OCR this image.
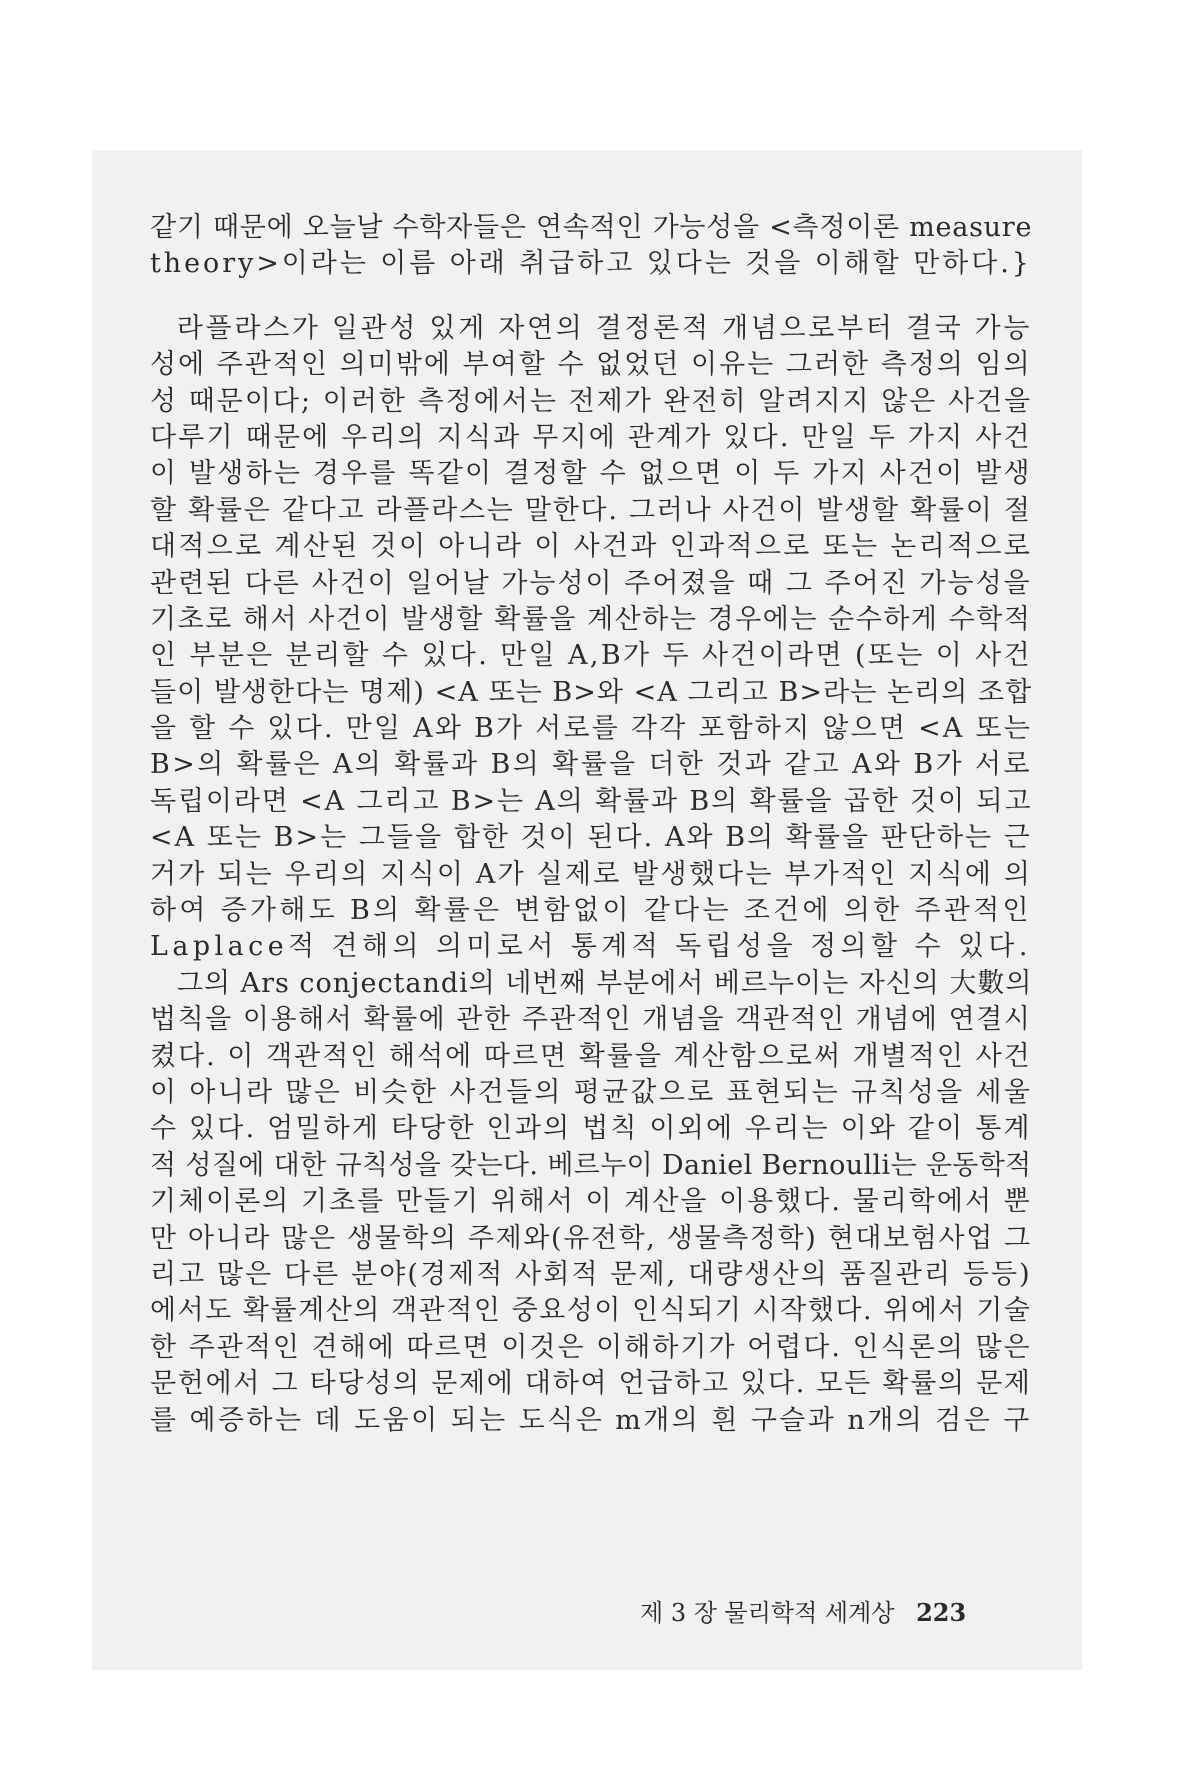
같기 때문에 오늘날 수학자들은 연속적인 가능성을 <측정이론 measure
theory>이라는 이름 아래 취급하고 있다는 것을 이해할 만하다.}
라플라스가 일관성 있게 자연의 결정론적 개념으로부터 결국 가능
성에 주관적인 의미밖에 부여할 수 없었던 이유는 그러한 측정의 임의
성 때문이다; 이러한 측정에서는 전제가 완전히 알려지지 않은 사건을
다루기 때문에 우리의 지식과 무지에 관계가 있다. 만일 두 가지 사건
이 발생하는 경우를 똑같이 결정할 수 없으면 이 두 가지 사건이 발생
할 확률은 같다고 라플라스는 말한다. 그러나 사건이 발생할 확률이 절
대적으로 계산된 것이 아니라 이 사건과 인과적으로 또는 논리적으로
관련된 다른 사건이 일어날 가능성이 주어졌을 때 그 주어진 가능성을
기초로 해서 사건이 발생할 확률을 계산하는 경우에는 순수하게 수학적
인 부분은 분리할 수 있다. 만일 A,B가 두 사건이라면 (또는 이 사건
들이 발생한다는 명제) <A 또는 B>와 <A 그리고 B>라는 논리의 조합
을 할 수 있다. 만일 A와 B가 서로를 각각 포함하지 않으면 <A 또는
B>의 확률은 A의 확률과 B의 확률을 더한 것과 같고 A와 B가 서로
독립이라면 <A 그리고 B>는 A의 확률과 B의 확률을 곱한 것이 되고
<A 또는 B>는 그들을 합한 것이 된다. A와 B의 확률을 판단하는 근
거가 되는 우리의 지식이 A가 실제로 발생했다는 부가적인 지식에 의
하여 증가해도 B의 확률은 변함없이 같다는 조건에 의한 주관적인
Laplace적 견해의 의미로서 통계적 독립성을 정의할 수 있다.
그의 Ars conjectandi의 네번째 부분에서 베르누이는 자신의 大數의
법칙을 이용해서 확률에 관한 주관적인 개념을 객관적인 개념에 연결시
켰다. 이 객관적인 해석에 따르면 확률을 계산함으로써 개별적인 사건
이 아니라 많은 비슷한 사건들의 평균값으로 표현되는 규칙성을 세울
수 있다. 엄밀하게 타당한 인과의 법칙 이외에 우리는 이와 같이 통계
적 성질에 대한 규칙성을 갖는다. 베르누이 Daniel Bernoulli는 운동학적
기체이론의 기초를 만들기 위해서 이 계산을 이용했다. 물리학에서 뿐
만 아니라 많은 생물학의 주제와(유전학, 생물측정학) 현대보험사업 그
리고 많은 다른 분야(경제적 사회적 문제, 대량생산의 품질관리 등등)
에서도 확률계산의 객관적인 중요성이 인식되기 시작했다. 위에서 기술
한 주관적인 견해에 따르면 이것은 이해하기가 어렵다. 인식론의 많은
문헌에서 그 타당성의 문제에 대하여 언급하고 있다. 모든 확률의 문제
를 예증하는 데 도움이 되는 도식은 m개의 흰 구슬과 n개의 검은 구
제 3 장 물리학적 세계상 223
